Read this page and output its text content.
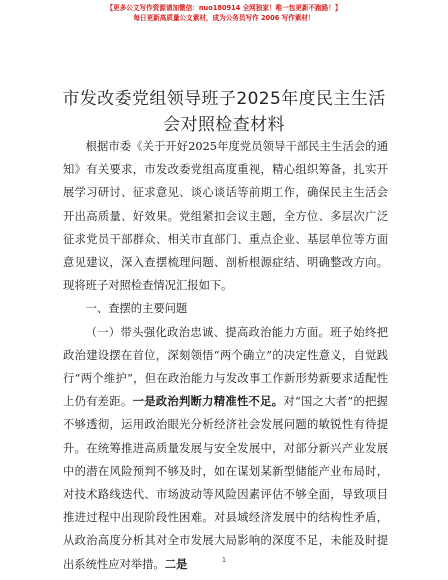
【更多公文写作资源请加微信：nuo180914 全网独家！唯一包更新不跑路！】
每日更新高质量公文素材，成为公务员写作 2006 写作素材！
市发改委党组领导班子2025年度民主生活会对照检查材料

根据市委《关于开好2025年度党员领导干部民主生活会的通知》有关要求，市发改委党组高度重视，精心组织筹备，扎实开展学习研讨、征求意见、谈心谈话等前期工作，确保民主生活会开出高质量、好效果。党组紧扣会议主题，全方位、多层次广泛征求党员干部群众、相关市直部门、重点企业、基层单位等方面意见建议，深入查摆梳理问题、剖析根源症结、明确整改方向。现将班子对照检查情况汇报如下。

一、查摆的主要问题

（一）带头强化政治忠诚、提高政治能力方面。班子始终把政治建设摆在首位，深刻领悟“两个确立”的决定性意义，自觉践行“两个维护”，但在政治能力与发改事工作新形势新要求适配性上仍有差距。一是政治判断力精准性不足。对“国之大者”的把握不够透彻，运用政治眼光分析经济社会发展问题的敏锐性有待提升。在统筹推进高质量发展与安全发展中，对部分新兴产业发展中的潜在风险预判不够及时，如在谋划某新型储能产业布局时，对技术路线迭代、市场波动等风险因素评估不够全面，导致项目推进过程中出现阶段性困难。对县域经济发展中的结构性矛盾，从政治高度分析其对全市发展大局影响的深度不足，未能及时提出系统性应对举措。二是	1
